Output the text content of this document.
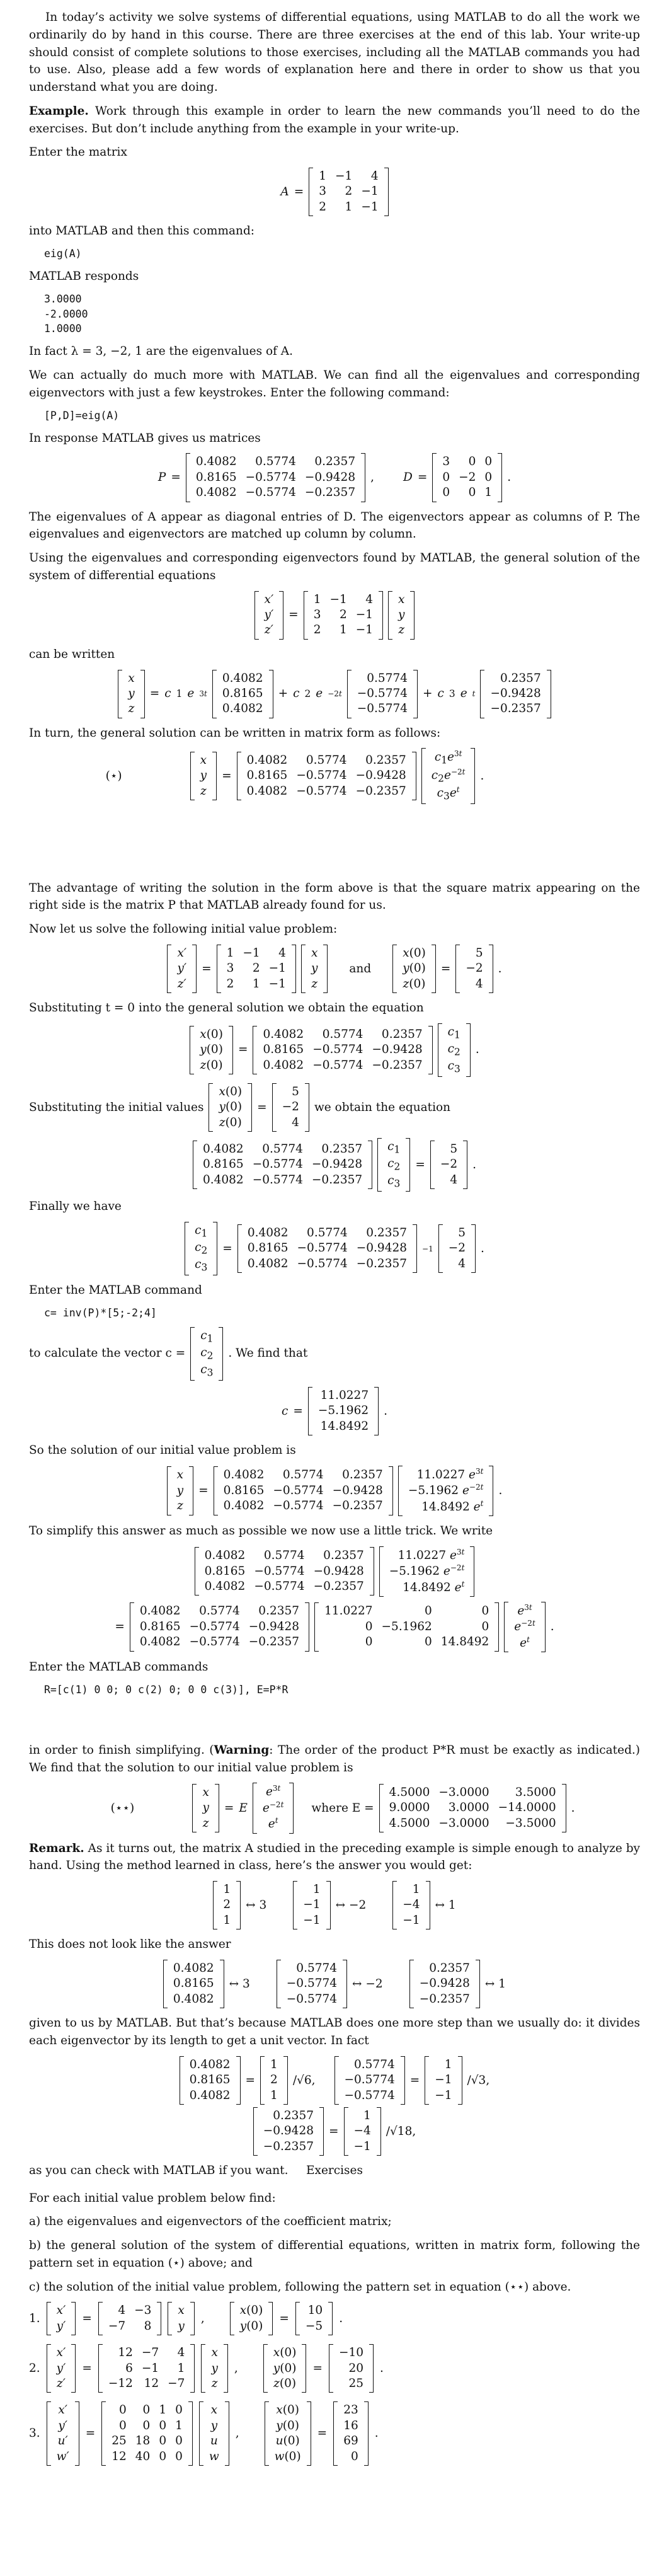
In today’s activity we solve systems of differential equations, using MATLAB to do all the work we ordinarily do by hand in this course. There are three exercises at the end of this lab. Your write-up should consist of complete solutions to those exercises, including all the MATLAB commands you had to use. Also, please add a few words of explanation here and there in order to show us that you understand what you are doing.

Example. Work through this example in order to learn the new commands you’ll need to do the exercises. But don’t include anything from the example in your write-up.

Enter the matrix

A =
1	−1	4
3	2	−1
2	1	−1

into MATLAB and then this command:

eig(A)

MATLAB responds

3.0000
-2.0000
1.0000

In fact λ = 3, −2, 1 are the eigenvalues of A.

We can actually do much more with MATLAB. We can find all the eigenvalues and corresponding eigenvectors with just a few keystrokes. Enter the following command:

[P,D]=eig(A)

In response MATLAB gives us matrices

P =
0.4082	0.5774	0.2357
0.8165	−0.5774	−0.9428
0.4082	−0.5774	−0.2357
, D =
3	0	0
0	−2	0
0	0	1
.

The eigenvalues of A appear as diagonal entries of D. The eigenvectors appear as columns of P. The eigenvalues and eigenvectors are matched up column by column.

Using the eigenvalues and corresponding eigenvectors found by MATLAB, the general solution of the system of differential equations

x′
y′
z′
=
1	−1	4
3	2	−1
2	1	−1
x
y
z

can be written

x
y
z
= c 1 e 3t
0.4082
0.8165
0.4082
+ c 2 e −2t
0.5774
−0.5774
−0.5774
+ c 3 e t
0.2357
−0.9428
−0.2357

In turn, the general solution can be written in matrix form as follows:

(⋆)
x
y
z
=
0.4082	0.5774	0.2357
0.8165	−0.5774	−0.9428
0.4082	−0.5774	−0.2357
$c_1e^{3t}$
$c_2e^{-2t}$
$c_3e^t$
.

The advantage of writing the solution in the form above is that the square matrix appearing on the right side is the matrix P that MATLAB already found for us.

Now let us solve the following initial value problem:

x′
y′
z′
=
1	−1	4
3	2	−1
2	1	−1
x
y
z
and
x(0)
y(0)
z(0)
=
5
−2
4
.

Substituting t = 0 into the general solution we obtain the equation

x(0)
y(0)
z(0)
=
0.4082	0.5774	0.2357
0.8165	−0.5774	−0.9428
0.4082	−0.5774	−0.2357
$c_1$
$c_2$
$c_3$
.
Substituting the initial values
x(0)
y(0)
z(0)
=
5
−2
4
we obtain the equation
0.4082	0.5774	0.2357
0.8165	−0.5774	−0.9428
0.4082	−0.5774	−0.2357
$c_1$
$c_2$
$c_3$
=
5
−2
4
.

Finally we have

$c_1$
$c_2$
$c_3$
=
0.4082	0.5774	0.2357
0.8165	−0.5774	−0.9428
0.4082	−0.5774	−0.2357
−1
5
−2
4
.

Enter the MATLAB command

c= inv(P)*[5;-2;4]
to calculate the vector c =
$c_1$
$c_2$
$c_3$
. We find that
c =
11.0227
−5.1962
14.8492
.

So the solution of our initial value problem is

x
y
z
=
0.4082	0.5774	0.2357
0.8165	−0.5774	−0.9428
0.4082	−0.5774	−0.2357
11.0227 $e^{3t}$
−5.1962 $e^{-2t}$
14.8492 $e^t$
.

To simplify this answer as much as possible we now use a little trick. We write

0.4082	0.5774	0.2357
0.8165	−0.5774	−0.9428
0.4082	−0.5774	−0.2357
11.0227 $e^{3t}$
−5.1962 $e^{-2t}$
14.8492 $e^t$
=
0.4082	0.5774	0.2357
0.8165	−0.5774	−0.9428
0.4082	−0.5774	−0.2357
11.0227	0	0
0	−5.1962	0
0	0	14.8492
$e^{3t}$
$e^{-2t}$
$e^t$
.

Enter the MATLAB commands

R=[c(1) 0 0; 0 c(2) 0; 0 0 c(3)], E=P*R

in order to finish simplifying. (Warning: The order of the product P*R must be exactly as indicated.) We find that the solution to our initial value problem is

(⋆⋆)
x
y
z
= E
$e^{3t}$
$e^{-2t}$
$e^t$
where E =
4.5000	−3.0000	3.5000
9.0000	3.0000	−14.0000
4.5000	−3.0000	−3.5000
.

Remark. As it turns out, the matrix A studied in the preceding example is simple enough to analyze by hand. Using the method learned in class, here’s the answer you would get:

1
2
1
↔ 3
1
−1
−1
↔ −2
1
−4
−1
↔ 1

This does not look like the answer

0.4082
0.8165
0.4082
↔ 3
0.5774
−0.5774
−0.5774
↔ −2
0.2357
−0.9428
−0.2357
↔ 1

given to us by MATLAB. But that’s because MATLAB does one more step than we usually do: it divides each eigenvector by its length to get a unit vector. In fact

0.4082
0.8165
0.4082
=
1
2
1
/√6,
0.5774
−0.5774
−0.5774
=
1
−1
−1
/√3,
0.2357
−0.9428
−0.2357
=
1
−4
−1
/√18,
as you can check with MATLAB if you want.	Exercises

For each initial value problem below find:

a) the eigenvalues and eigenvectors of the coefficient matrix;

b) the general solution of the system of differential equations, written in matrix form, following the pattern set in equation (⋆) above; and

c) the solution of the initial value problem, following the pattern set in equation (⋆⋆) above.

1.
x′
y′
=
4	−3
−7	8
x
y
,
x(0)
y(0)
=
10
−5
.
2.
x′
y′
z′
=
12	−7	4
6	−1	1
−12	12	−7
x
y
z
,
x(0)
y(0)
z(0)
=
−10
20
25
.
3.
x′
y′
u′
w′
=
0	0	1	0
0	0	0	1
25	18	0	0
12	40	0	0
x
y
u
w
,
x(0)
y(0)
u(0)
w(0)
=
23
16
69
0
.
